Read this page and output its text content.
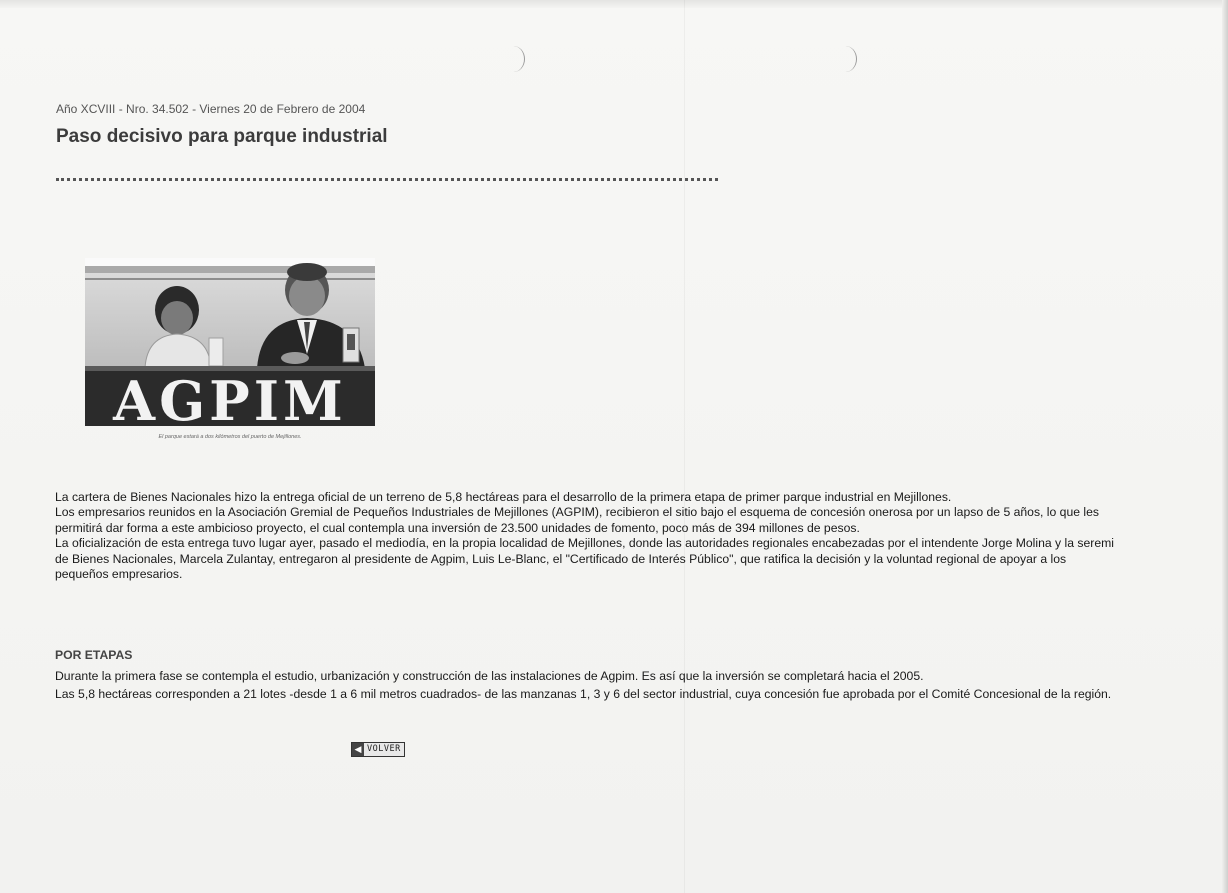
Año XCVIII - Nro. 34.502 - Viernes 20 de Febrero de 2004
Paso decisivo para parque industrial
AGPIM
El parque estará a dos kilómetros del puerto de Mejillones.

La cartera de Bienes Nacionales hizo la entrega oficial de un terreno de 5,8 hectáreas para el desarrollo de la primera etapa de primer parque industrial en Mejillones.

Los empresarios reunidos en la Asociación Gremial de Pequeños Industriales de Mejillones (AGPIM), recibieron el sitio bajo el esquema de concesión onerosa por un lapso de 5 años, lo que les permitirá dar forma a este ambicioso proyecto, el cual contempla una inversión de 23.500 unidades de fomento, poco más de 394 millones de pesos.

La oficialización de esta entrega tuvo lugar ayer, pasado el mediodía, en la propia localidad de Mejillones, donde las autoridades regionales encabezadas por el intendente Jorge Molina y la seremi de Bienes Nacionales, Marcela Zulantay, entregaron al presidente de Agpim, Luis Le-Blanc, el "Certificado de Interés Público", que ratifica la decisión y la voluntad regional de apoyar a los pequeños empresarios.

POR ETAPAS

Durante la primera fase se contempla el estudio, urbanización y construcción de las instalaciones de Agpim. Es así que la inversión se completará hacia el 2005.

Las 5,8 hectáreas corresponden a 21 lotes -desde 1 a 6 mil metros cuadrados- de las manzanas 1, 3 y 6 del sector industrial, cuya concesión fue aprobada por el Comité Concesional de la región.

◀ VOLVER
